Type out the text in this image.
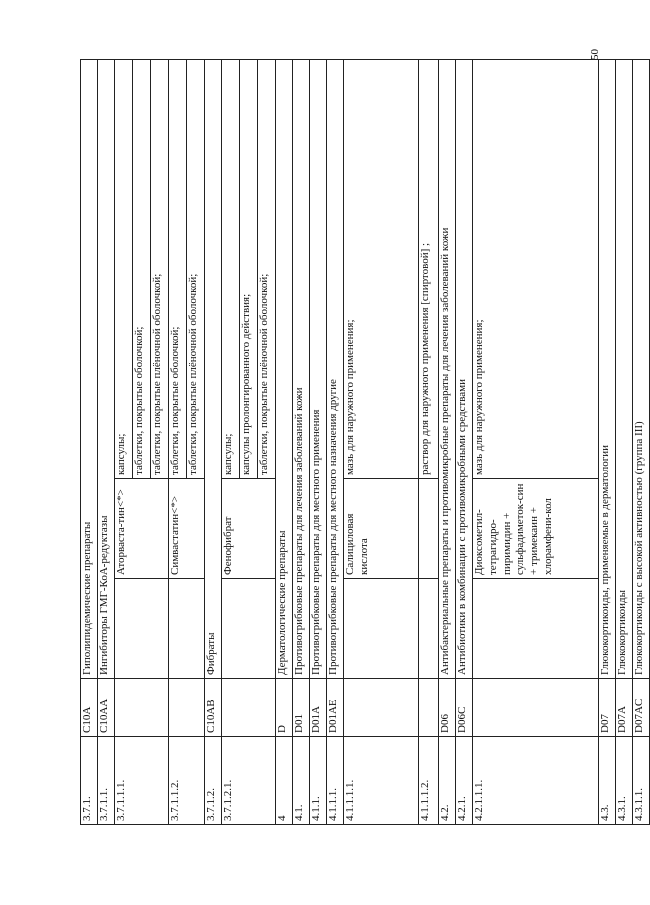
50
3.7.1.	C10A	Гиполипидемические препараты		
3.7.1.1.	C10AA	Ингибиторы ГМГ-КоА-редуктазы		
3.7.1.1.1.			Аторваста-тин<*>	капсулы; таблетки, покрытые оболочкой; таблетки, покрытые плёночной оболочкой;

3.7.1.1.2.			Симвастатин<*>	таблетки, покрытые оболочкой; таблетки, покрытые плёночной оболочкой;

3.7.1.2.	C10AB	Фибраты		
3.7.1.2.1.			Фенофибрат	капсулы; капсулы пролонгированного действия; таблетки, покрытые плёночной оболочкой;

4	D	Дерматологические препараты		
4.1.	D01	Противогрибковые препараты для лечения заболеваний кожи		
4.1.1.	D01A	Противогрибковые препараты для местного применения		
4.1.1.1.	D01AE	Противогрибковые препараты для местного назначения другие		
4.1.1.1.1.			Салициловая кислота	мазь для наружного применения;

4.1.1.1.2.				раствор для наружного применения [спиртовой] ;

4.2.	D06	Антибактериальные препараты и противомикробные препараты для лечения заболеваний кожи		
4.2.1.	D06C	Антибиотики в комбинации с противомикробными средствами		
4.2.1.1.1.			Диоксометил-тетрагидро-пиримидин + сульфадиметок-син + тримекаин + хлорамфени-кол	мазь для наружного применения;

4.3.	D07	Глюкокортикоиды, применяемые в дерматологии		
4.3.1.	D07A	Глюкокортикоиды		
4.3.1.1.	D07AC	Глюкокортикоиды с высокой активностью (группа III)		
